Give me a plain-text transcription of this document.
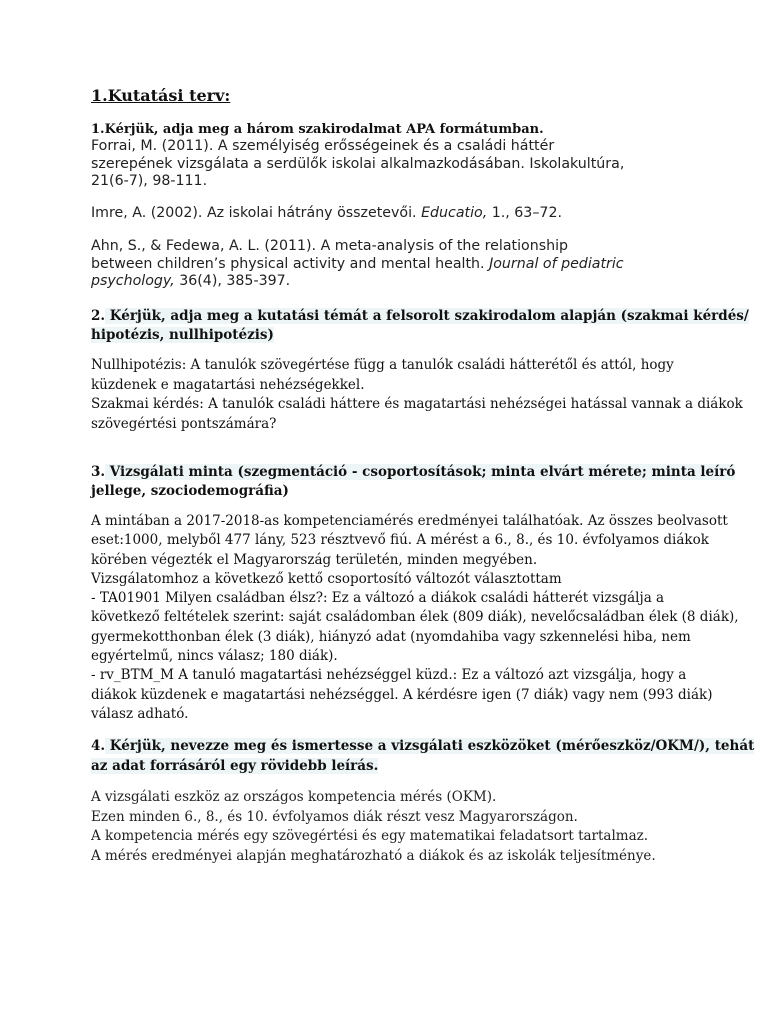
1.Kutatási terv:
1.Kérjük, adja meg a három szakirodalmat APA formátumban.
Forrai, M. (2011). A személyiség erősségeinek és a családi háttér
szerepének vizsgálata a serdülők iskolai alkalmazkodásában. Iskolakultúra,
21(6-7), 98-111.
Imre, A. (2002). Az iskolai hátrány összetevői. Educatio, 1., 63–72.
Ahn, S., & Fedewa, A. L. (2011). A meta-analysis of the relationship
between children’s physical activity and mental health. Journal of pediatric
psychology, 36(4), 385-397.
2. Kérjük, adja meg a kutatási témát a felsorolt szakirodalom alapján (szakmai kérdés/
hipotézis, nullhipotézis)
Nullhipotézis: A tanulók szövegértése függ a tanulók családi hátterétől és attól, hogy
küzdenek e magatartási nehézségekkel.
Szakmai kérdés: A tanulók családi háttere és magatartási nehézségei hatással vannak a diákok
szövegértési pontszámára?
3. Vizsgálati minta (szegmentáció - csoportosítások; minta elvárt mérete; minta leíró
jellege, szociodemográfia)
A mintában a 2017-2018-as kompetenciamérés eredményei találhatóak. Az összes beolvasott
eset:1000, melyből 477 lány, 523 résztvevő fiú. A mérést a 6., 8., és 10. évfolyamos diákok
körében végezték el Magyarország területén, minden megyében.
Vizsgálatomhoz a következő kettő csoportosító változót választottam
- TA01901 Milyen családban élsz?: Ez a változó a diákok családi hátterét vizsgálja a
következő feltételek szerint: saját családomban élek (809 diák), nevelőcsaládban élek (8 diák),
gyermekotthonban élek (3 diák), hiányzó adat (nyomdahiba vagy szkennelési hiba, nem
egyértelmű, nincs válasz; 180 diák).
- rv_BTM_M A tanuló magatartási nehézséggel küzd.: Ez a változó azt vizsgálja, hogy a
diákok küzdenek e magatartási nehézséggel. A kérdésre igen (7 diák) vagy nem (993 diák)
válasz adható.
4. Kérjük, nevezze meg és ismertesse a vizsgálati eszközöket (mérőeszköz/OKM/), tehát
az adat forrásáról egy rövidebb leírás.
A vizsgálati eszköz az országos kompetencia mérés (OKM).
Ezen minden 6., 8., és 10. évfolyamos diák részt vesz Magyarországon.
A kompetencia mérés egy szövegértési és egy matematikai feladatsort tartalmaz.
A mérés eredményei alapján meghatározható a diákok és az iskolák teljesítménye.
